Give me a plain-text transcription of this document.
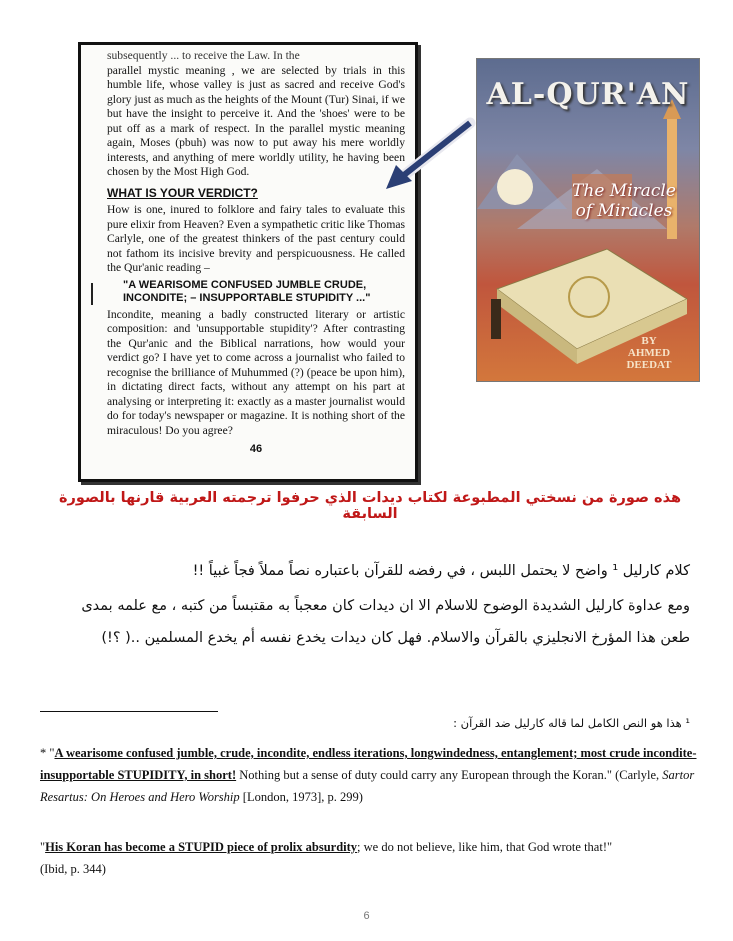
subsequently ... to receive the Law. In the

parallel mystic meaning , we are selected by trials in this humble life, whose valley is just as sacred and receive God's glory just as much as the heights of the Mount (Tur) Sinai, if we but have the insight to perceive it. And the 'shoes' were to be put off as a mark of respect. In the parallel mystic meaning again, Moses (pbuh) was now to put away his mere worldly interests, and anything of mere worldly utility, he having been chosen by the Most High God.

WHAT IS YOUR VERDICT?

How is one, inured to folklore and fairy tales to evaluate this pure elixir from Heaven? Even a sympathetic critic like Thomas Carlyle, one of the greatest thinkers of the past century could not fathom its incisive brevity and perspicuousness. He called the Qur'anic reading –

"A WEARISOME CONFUSED JUMBLE CRUDE, INCONDITE; – INSUPPORTABLE STUPIDITY ..."

Incondite, meaning a badly constructed literary or artistic composition: and 'unsupportable stupidity'? After contrasting the Qur'anic and the Biblical narrations, how would your verdict go? I have yet to come across a journalist who failed to recognise the brilliance of Muhummed (?) (peace be upon him), in dictating direct facts, without any attempt on his part at analysing or interpreting it: exactly as a master journalist would do for today's newspaper or magazine. It is nothing short of the miraculous! Do you agree?

46

AL-QUR'AN
The Miracle
of Miracles
BY
AHMED
DEEDAT
هذه صورة من نسختي المطبوعة لكتاب ديدات الذي حرفوا ترجمته العربية قارنها بالصورة السابقة
كلام كارليل ¹ واضح لا يحتمل اللبس ، في رفضه للقرآن باعتباره نصاً مملاً فجاً غبياً !!
ومع عداوة كارليل الشديدة الوضوح للاسلام الا ان ديدات كان معجباً به مقتبساً من كتبه ، مع علمه بمدى
طعن هذا المؤرخ الانجليزي بالقرآن والاسلام. فهل كان ديدات يخدع نفسه أم يخدع المسلمين ..( ؟!)
¹ هذا هو النص الكامل لما قاله كارليل ضد القرآن :
* "A wearisome confused jumble, crude, incondite, endless iterations, longwindedness, entanglement; most crude incondite-insupportable STUPIDITY, in short! Nothing but a sense of duty could carry any European through the Koran." (Carlyle, Sartor Resartus: On Heroes and Hero Worship [London, 1973], p. 299)
"His Koran has become a STUPID piece of prolix absurdity; we do not believe, like him, that God wrote that!"
(Ibid, p. 344)
6
